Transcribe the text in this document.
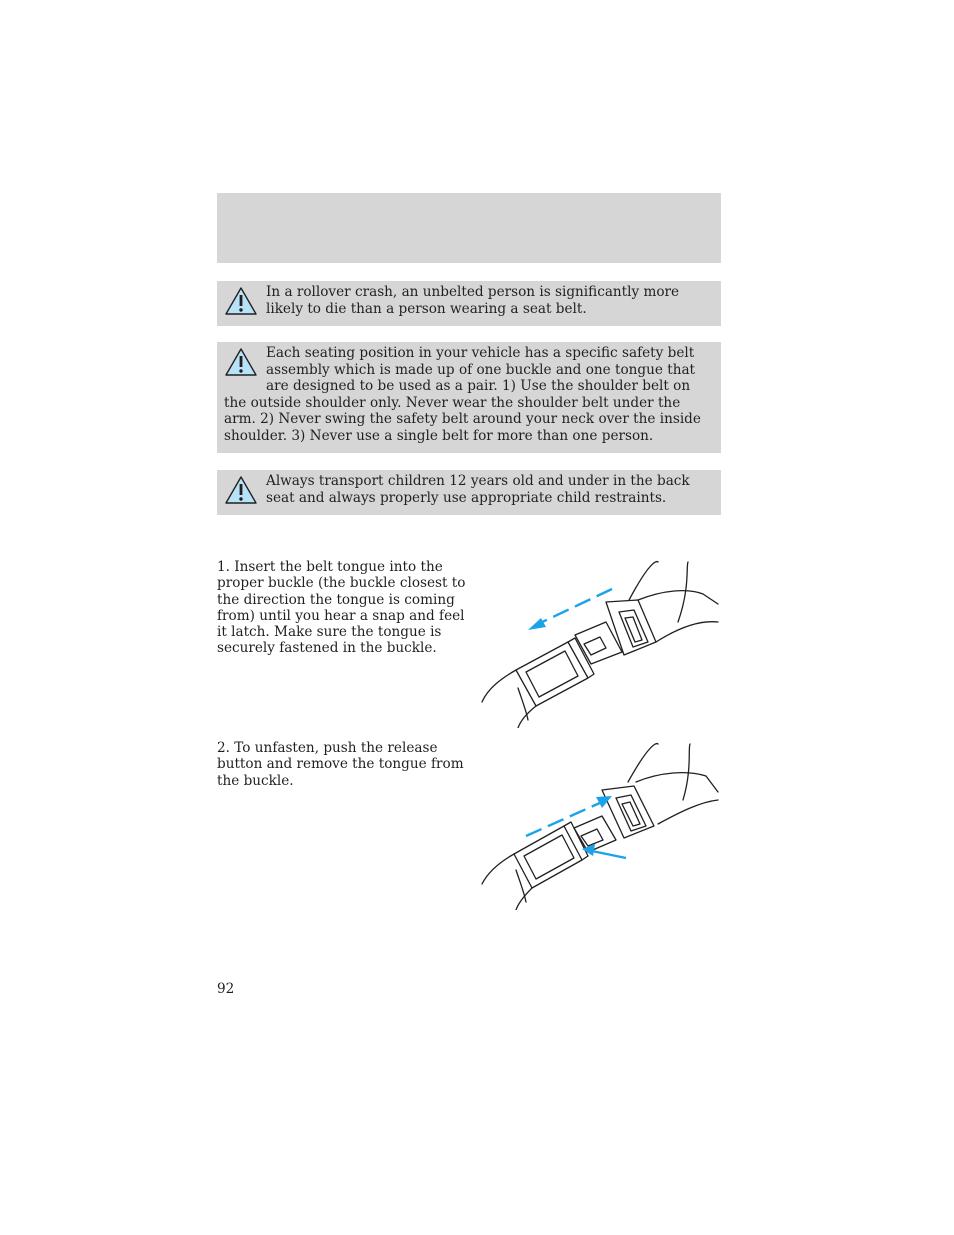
In a rollover crash, an unbelted person is significantly more likely to die than a person wearing a seat belt.
Each seating position in your vehicle has a specific safety belt assembly which is made up of one buckle and one tongue that are designed to be used as a pair. 1) Use the shoulder belt on the outside shoulder only. Never wear the shoulder belt under the arm. 2) Never swing the safety belt around your neck over the inside shoulder. 3) Never use a single belt for more than one person.
Always transport children 12 years old and under in the back seat and always properly use appropriate child restraints.
1. Insert the belt tongue into the proper buckle (the buckle closest to the direction the tongue is coming from) until you hear a snap and feel it latch. Make sure the tongue is securely fastened in the buckle.
2. To unfasten, push the release button and remove the tongue from the buckle.
92
